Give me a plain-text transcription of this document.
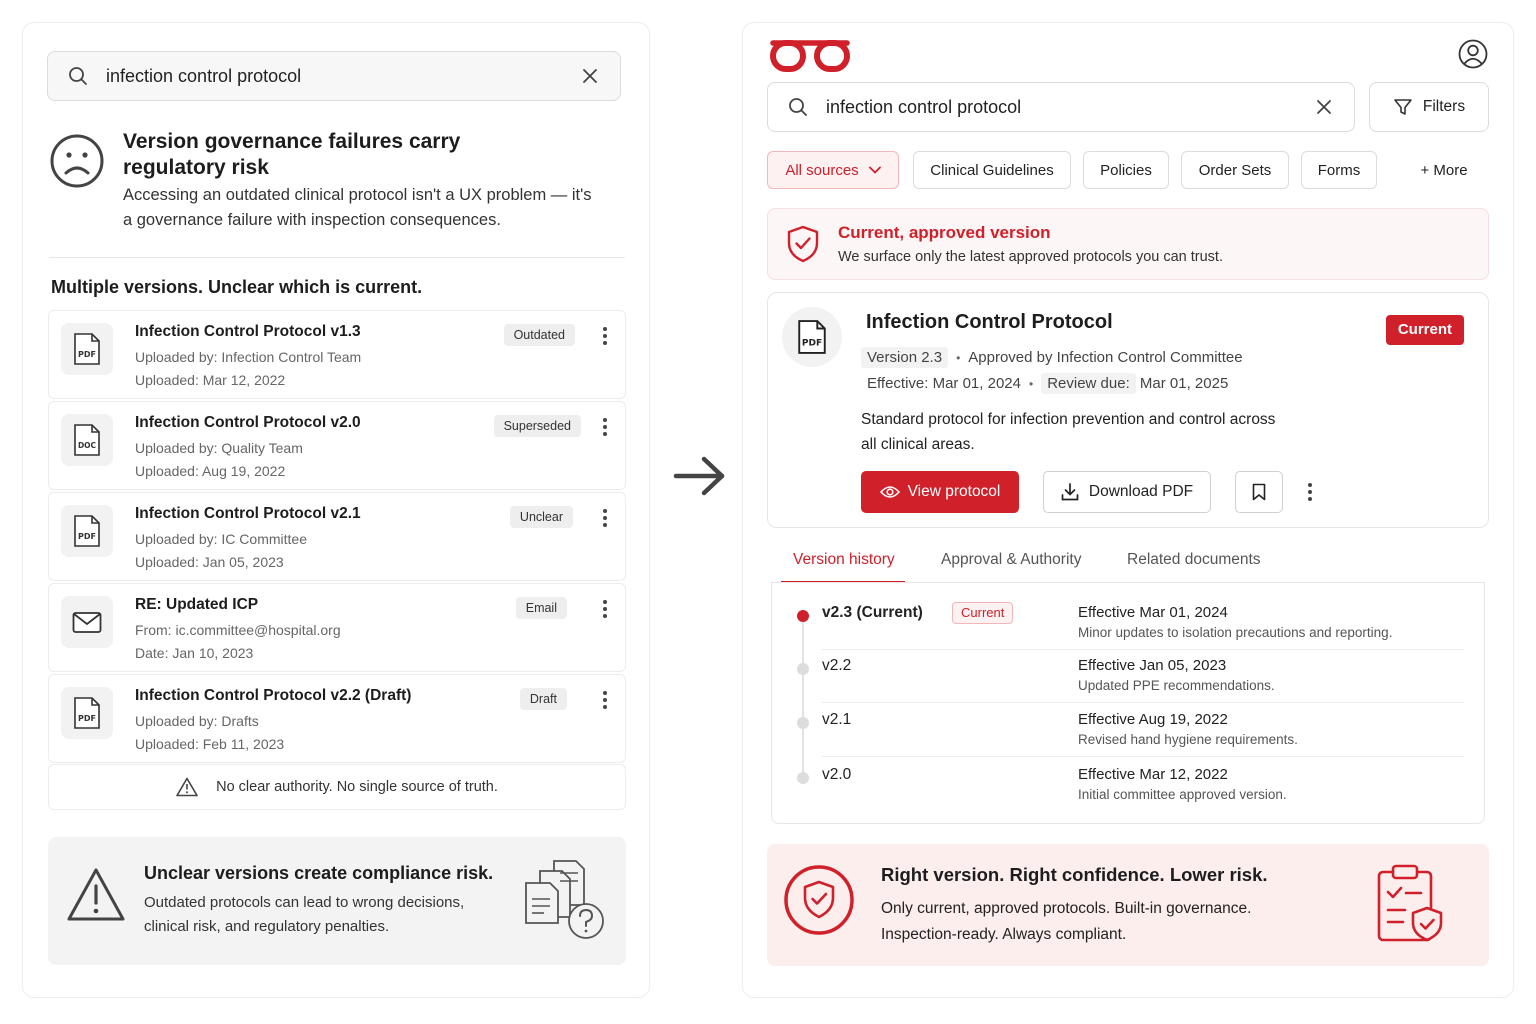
infection control protocol
Version governance failures carry regulatory risk
Accessing an outdated clinical protocol isn't a UX problem — it's a governance failure with inspection consequences.
Multiple versions. Unclear which is current.
PDF
Infection Control Protocol v1.3
Uploaded by: Infection Control Team
Uploaded: Mar 12, 2022
Outdated
DOC
Infection Control Protocol v2.0
Uploaded by: Quality Team
Uploaded: Aug 19, 2022
Superseded
PDF
Infection Control Protocol v2.1
Uploaded by: IC Committee
Uploaded: Jan 05, 2023
Unclear
EMAIL
RE: Updated ICP
From: ic.committee@hospital.org
Date: Jan 10, 2023
Email
PDF
Infection Control Protocol v2.2 (Draft)
Uploaded by: Drafts
Uploaded: Feb 11, 2023
Draft
No clear authority. No single source of truth.
Unclear versions create compliance risk.
Outdated protocols can lead to wrong decisions, clinical risk, and regulatory penalties.
infection control protocol	Filters
All sources	Clinical Guidelines	Policies	Order Sets	Forms	+ More
Current, approved version
We surface only the latest approved protocols you can trust.
PDF
Infection Control Protocol	Current
Version 2.3	• Approved by Infection Control Committee
Effective: Mar 01, 2024 • Review due: Mar 01, 2025
Standard protocol for infection prevention and control across all clinical areas.
View protocol	Download PDF
Version history	Approval & Authority	Related documents
v2.3 (Current)	Current	Effective Mar 01, 2024
Minor updates to isolation precautions and reporting.
v2.2	Effective Jan 05, 2023
Updated PPE recommendations.
v2.1	Effective Aug 19, 2022
Revised hand hygiene requirements.
v2.0	Effective Mar 12, 2022
Initial committee approved version.
Right version. Right confidence. Lower risk.
Only current, approved protocols. Built-in governance.
Inspection-ready. Always compliant.
